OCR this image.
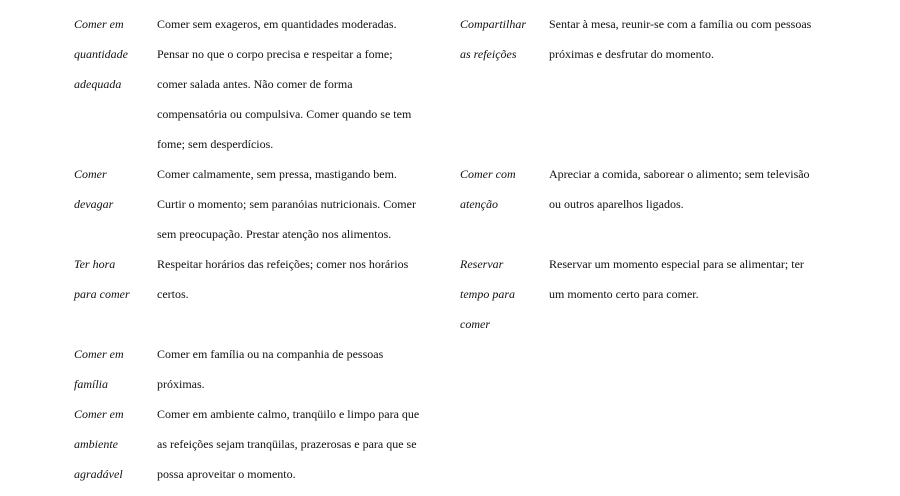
Comer em
quantidade
adequada
Comer sem exageros, em quantidades moderadas.
Pensar no que o corpo precisa e respeitar a fome;
comer salada antes. Não comer de forma
compensatória ou compulsiva. Comer quando se tem
fome; sem desperdícios.
Comer
devagar
Comer calmamente, sem pressa, mastigando bem.
Curtir o momento; sem paranóias nutricionais. Comer
sem preocupação. Prestar atenção nos alimentos.
Ter hora
para comer
Respeitar horários das refeições; comer nos horários
certos.
Comer em
família
Comer em família ou na companhia de pessoas
próximas.
Comer em
ambiente
agradável
Comer em ambiente calmo, tranqüilo e limpo para que
as refeições sejam tranqüilas, prazerosas e para que se
possa aproveitar o momento.
Compartilhar
as refeições
Sentar à mesa, reunir-se com a família ou com pessoas
próximas e desfrutar do momento.
Comer com
atenção
Apreciar a comida, saborear o alimento; sem televisão
ou outros aparelhos ligados.
Reservar
tempo para
comer
Reservar um momento especial para se alimentar; ter
um momento certo para comer.
